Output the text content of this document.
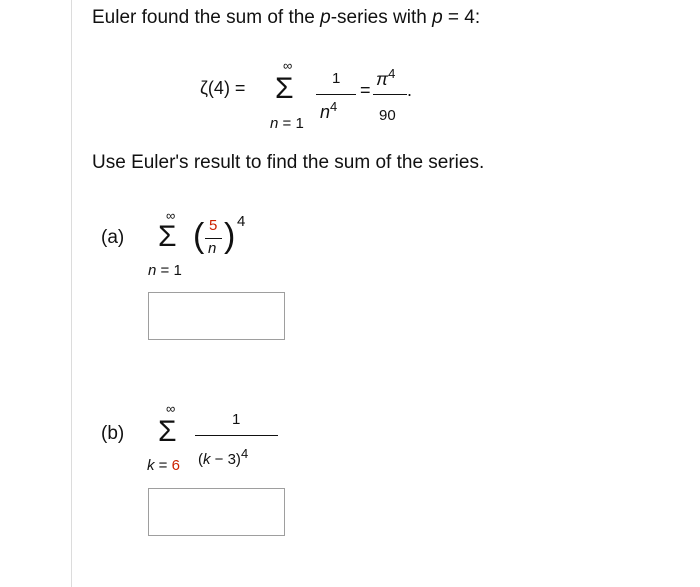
Euler found the sum of the p-series with p = 4:
ζ(4) =
∞
Σ
n = 1
1
$n^4$
=
$\pi^4$
90
.
Use Euler's result to find the sum of the series.
(a)
∞
Σ
n = 1
( 5
n ) 4
(b)
∞
Σ
k = 6
1
$(k - 3)^4$
